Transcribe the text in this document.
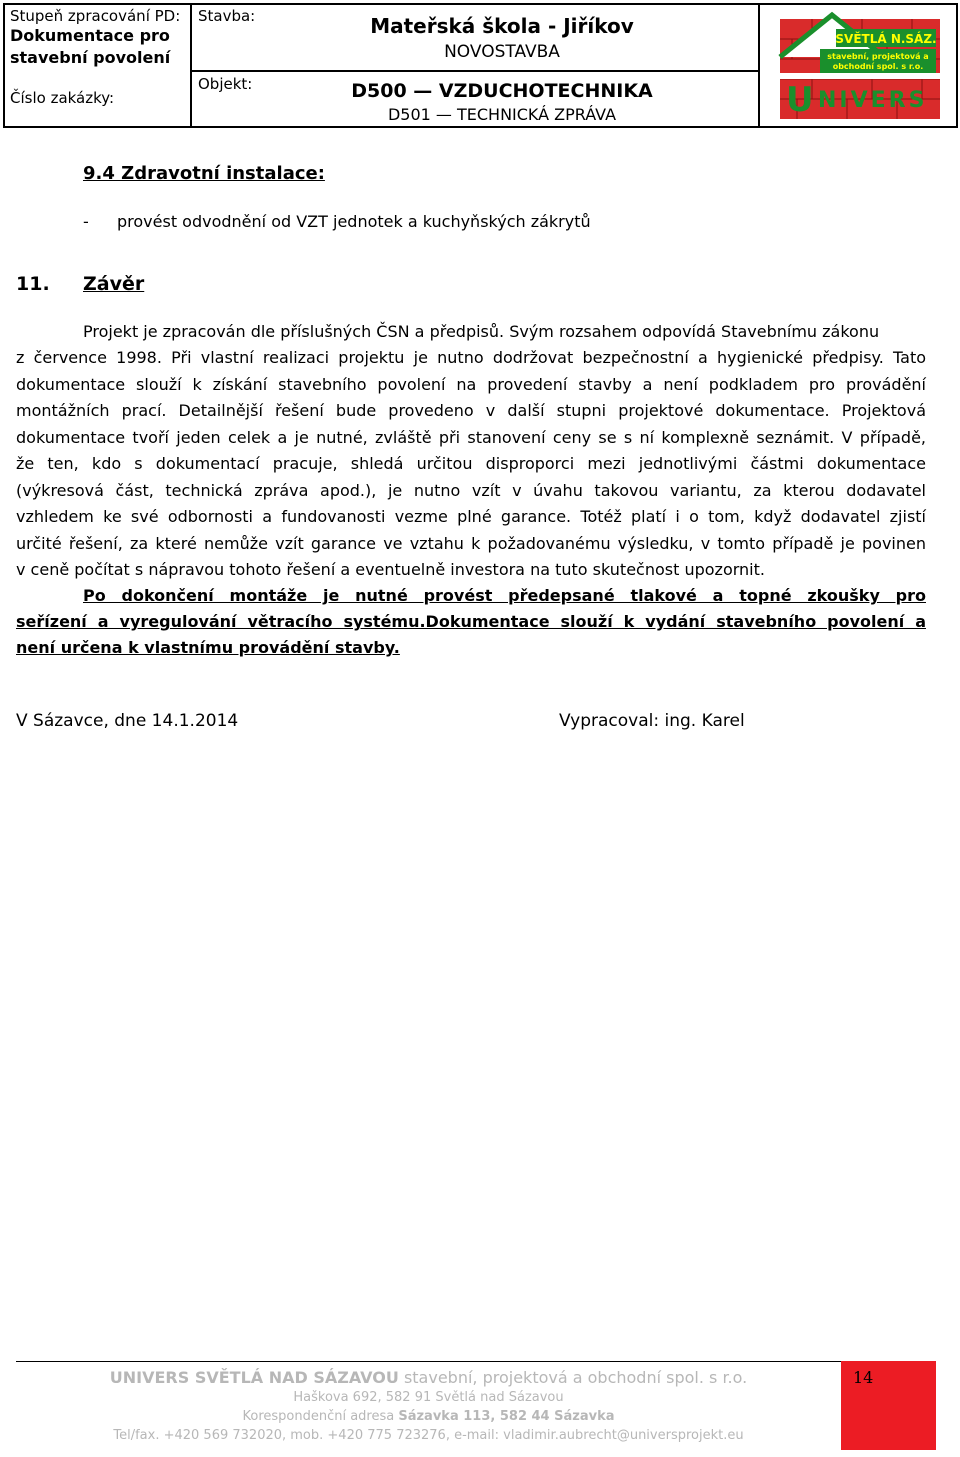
Stupeň zpracování PD:
Dokumentace pro
stavební povolení
Číslo zakázky:
Stavba:	Mateřská škola - Jiříkov
NOVOSTAVBA
Objekt:	D500 — VZDUCHOTECHNIKA
D501 — TECHNICKÁ ZPRÁVA
SVĚTLÁ N.SÁZ.
stavební, projektová a
obchodní spol. s r.o.
U NIVERS
9.4 Zdravotní instalace:
- provést odvodnění od VZT jednotek a kuchyňských zákrytů
11. Závěr
Projekt je zpracován dle příslušných ČSN a předpisů. Svým rozsahem odpovídá Stavebnímu zákonu
z července 1998. Při vlastní realizaci projektu je nutno dodržovat bezpečnostní a hygienické předpisy. Tato
dokumentace slouží k získání stavebního povolení na provedení stavby a není podkladem pro provádění
montážních prací. Detailnější řešení bude provedeno v další stupni projektové dokumentace. Projektová
dokumentace tvoří jeden celek a je nutné, zvláště při stanovení ceny se s ní komplexně seznámit. V případě,
že ten, kdo s dokumentací pracuje, shledá určitou disproporci mezi jednotlivými částmi dokumentace
(výkresová část, technická zpráva apod.), je nutno vzít v úvahu takovou variantu, za kterou dodavatel
vzhledem ke své odbornosti a fundovanosti vezme plné garance. Totéž platí i o tom, když dodavatel zjistí
určité řešení, za které nemůže vzít garance ve vztahu k požadovanému výsledku, v tomto případě je povinen
v ceně počítat s nápravou tohoto řešení a eventuelně investora na tuto skutečnost upozornit.
Po dokončení montáže je nutné provést předepsané tlakové a topné zkoušky pro
seřízení a vyregulování větracího systému.Dokumentace slouží k vydání stavebního povolení a
není určena k vlastnímu provádění stavby.
V Sázavce, dne 14.1.2014	Vypracoval: ing. Karel
UNIVERS SVĚTLÁ NAD SÁZAVOU stavební, projektová a obchodní spol. s r.o.
Haškova 692, 582 91 Světlá nad Sázavou
Korespondenční adresa Sázavka 113, 582 44 Sázavka
Tel/fax. +420 569 732020, mob. +420 775 723276, e-mail: vladimir.aubrecht@universprojekt.eu
14
